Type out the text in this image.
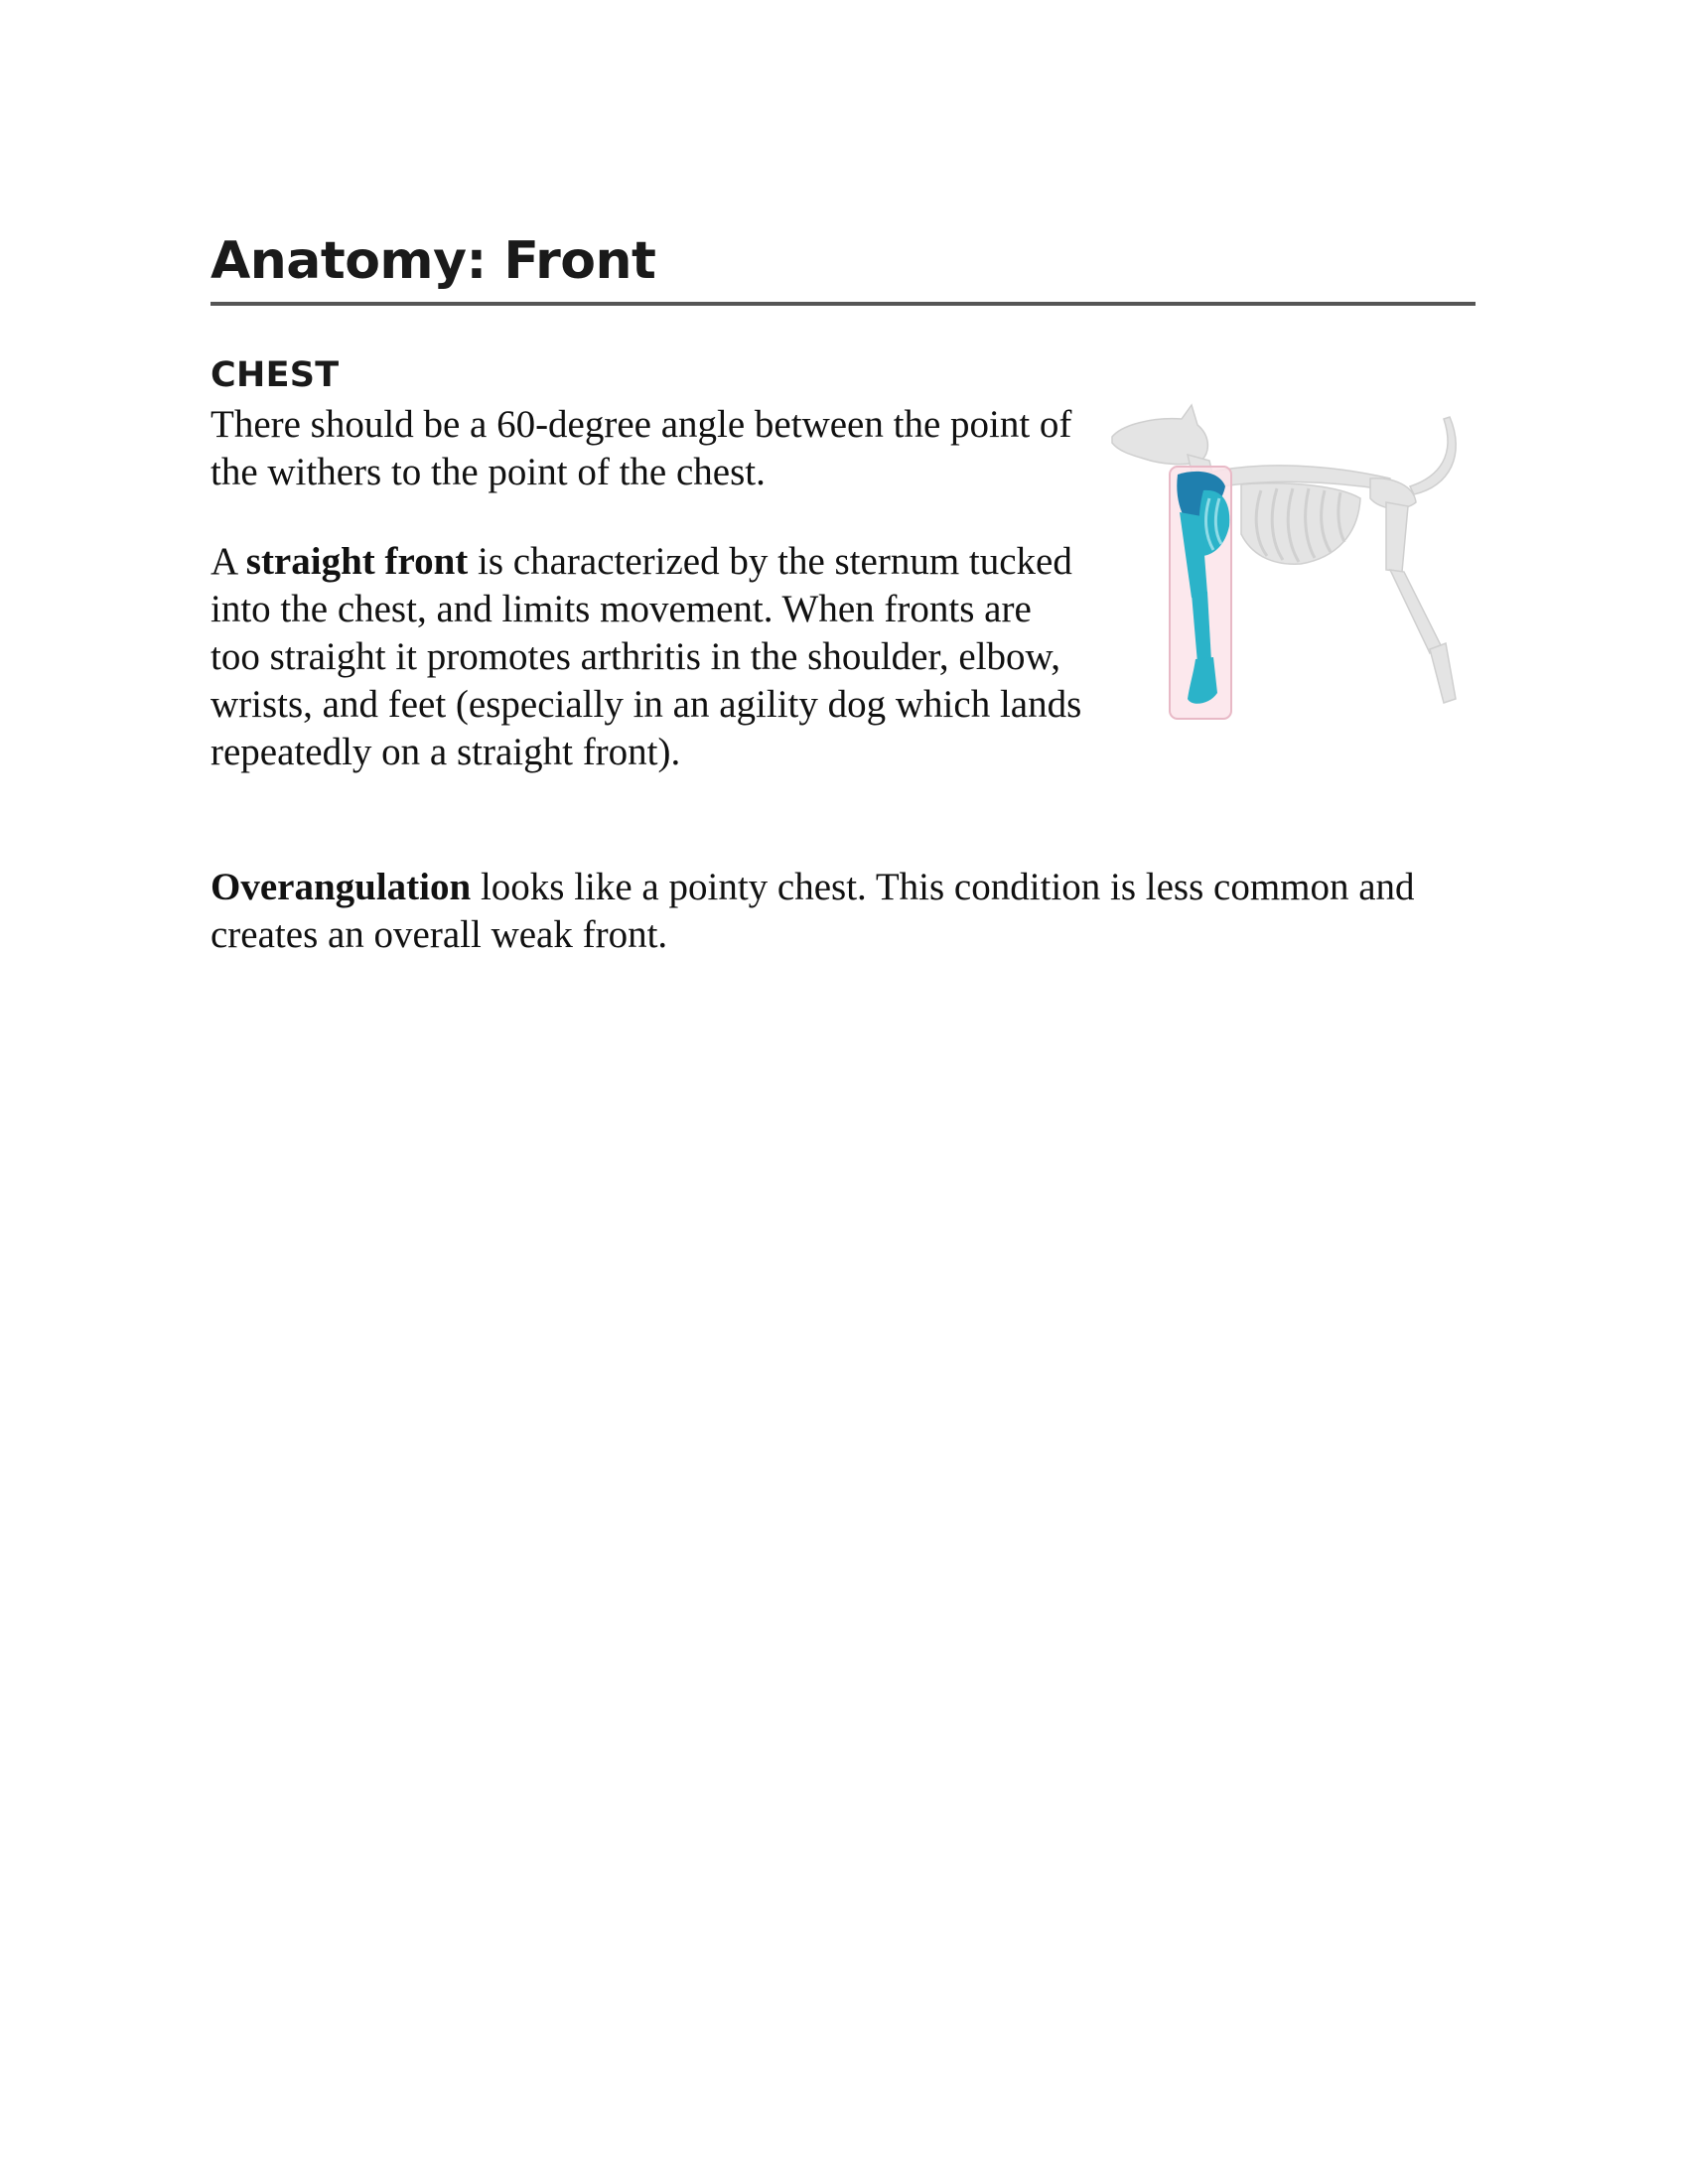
Anatomy: Front
CHEST

There should be a 60-degree angle between the point of the withers to the point of the chest.

A straight front is characterized by the sternum tucked into the chest, and limits movement. When fronts are too straight it promotes arthritis in the shoulder, elbow, wrists, and feet (especially in an agility dog which lands repeatedly on a straight front).

Overangulation looks like a pointy chest. This condition is less common and creates an overall weak front.
